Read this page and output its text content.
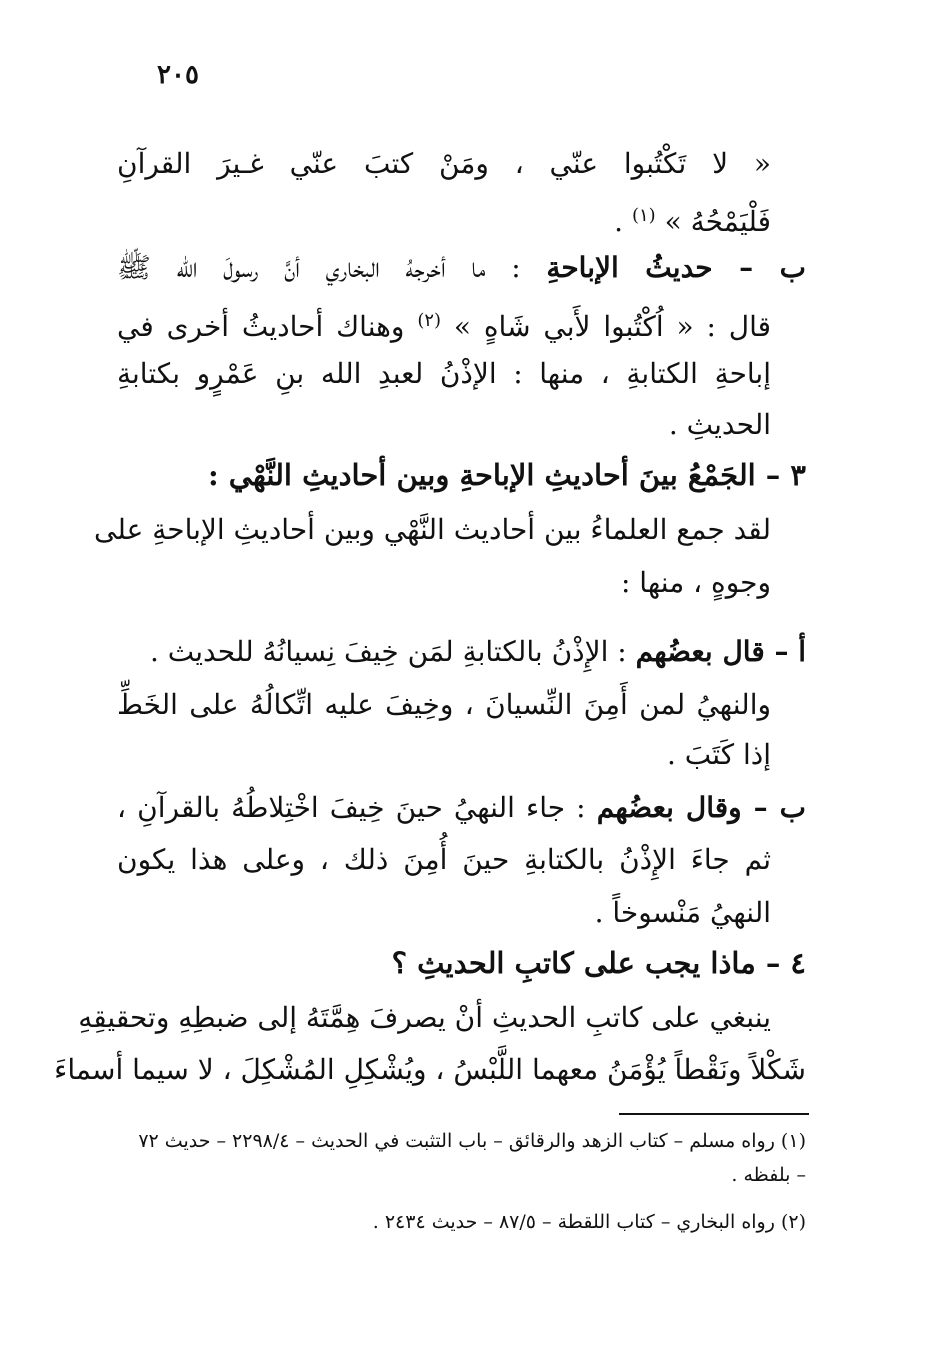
٢٠٥
« لا تَكْتُبوا عنّي ، ومَنْ كتبَ عنّي غـيرَ القرآنِ
فَلْيَمْحُهُ » $^{(١)}$ .
ب – حديثُ الإباحةِ : ما أخرجهُ البخاري أنَّ رسولَ الله ﷺ
قال : « اُكْتُبوا لأَبي شَاهٍ » $^{(٢)}$ وهناك أحاديثُ أخرى في
إباحةِ الكتابةِ ، منها : الإذْنُ لعبدِ الله بنِ عَمْرٍو بكتابةِ
الحديثِ .
٣ – الجَمْعُ بينَ أحاديثِ الإباحةِ وبين أحاديثِ النَّهْي :
لقد جمع العلماءُ بين أحاديث النَّهْي وبين أحاديثِ الإباحةِ على
وجوهٍ ، منها :
أ – قال بعضُهم : الإِذْنُ بالكتابةِ لمَن خِيفَ نِسيانُهُ للحديث .
والنهيُ لمن أَمِنَ النِّسيانَ ، وخِيفَ عليه اتِّكالُهُ على الخَطِّ
إذا كَتَبَ .
ب – وقال بعضُهم : جاء النهيُ حينَ خِيفَ اخْتِلاطُهُ بالقرآنِ ،
ثم جاءَ الإِذْنُ بالكتابةِ حينَ أُمِنَ ذلك ، وعلى هذا يكون
النهيُ مَنْسوخاً .
٤ – ماذا يجب على كاتبِ الحديثِ ؟
ينبغي على كاتبِ الحديثِ أنْ يصرفَ هِمَّتَهُ إلى ضبطِهِ وتحقيقِهِ
شَكْلاً ونَقْطاً يُؤْمَنُ معهما اللَّبْسُ ، ويُشْكِلِ المُشْكِلَ ، لا سيما أسماءَ
(١) رواه مسلم – كتاب الزهد والرقائق – باب التثبت في الحديث – ٢٢٩٨/٤ – حديث ٧٢
– بلفظه .
(٢) رواه البخاري – كتاب اللقطة – ٨٧/٥ – حديث ٢٤٣٤ .
